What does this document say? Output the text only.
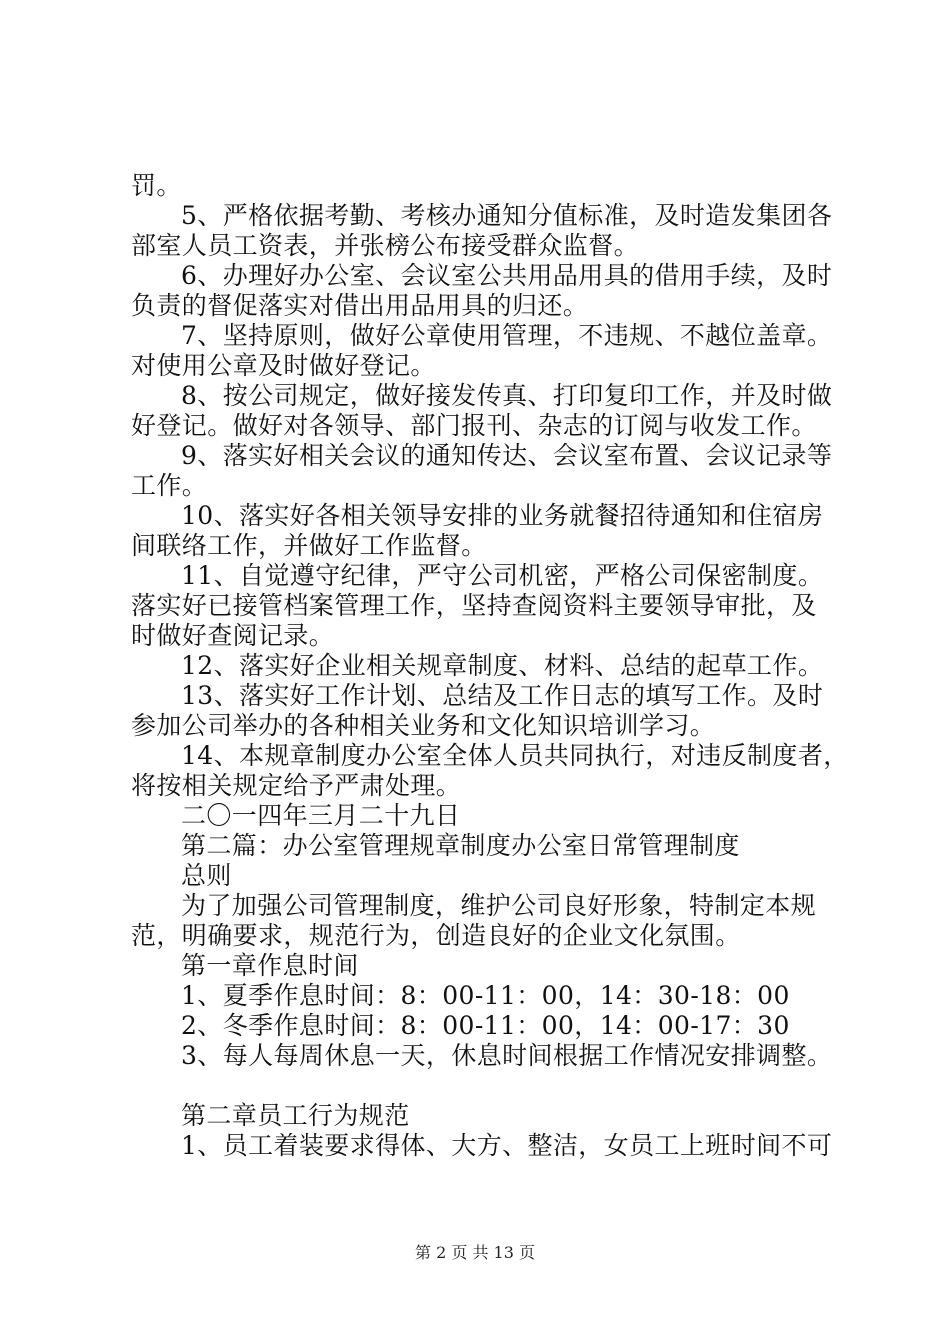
罚。
5、严格依据考勤、考核办通知分值标准，及时造发集团各
部室人员工资表，并张榜公布接受群众监督。
6、办理好办公室、会议室公共用品用具的借用手续，及时
负责的督促落实对借出用品用具的归还。
7、坚持原则，做好公章使用管理，不违规、不越位盖章。
对使用公章及时做好登记。
8、按公司规定，做好接发传真、打印复印工作，并及时做
好登记。做好对各领导、部门报刊、杂志的订阅与收发工作。
9、落实好相关会议的通知传达、会议室布置、会议记录等
工作。
10、落实好各相关领导安排的业务就餐招待通知和住宿房
间联络工作，并做好工作监督。
11、自觉遵守纪律，严守公司机密，严格公司保密制度。
落实好已接管档案管理工作，坚持查阅资料主要领导审批，及
时做好查阅记录。
12、落实好企业相关规章制度、材料、总结的起草工作。
13、落实好工作计划、总结及工作日志的填写工作。及时
参加公司举办的各种相关业务和文化知识培训学习。
14、本规章制度办公室全体人员共同执行，对违反制度者，
将按相关规定给予严肃处理。
二〇一四年三月二十九日
第二篇：办公室管理规章制度办公室日常管理制度
总则
为了加强公司管理制度，维护公司良好形象，特制定本规
范，明确要求，规范行为，创造良好的企业文化氛围。
第一章作息时间
1、夏季作息时间：8：00-11：00，14：30-18：00
2、冬季作息时间：8：00-11：00，14：00-17：30
3、每人每周休息一天，休息时间根据工作情况安排调整。
第二章员工行为规范
1、员工着装要求得体、大方、整洁，女员工上班时间不可
第 2 页 共 13 页
